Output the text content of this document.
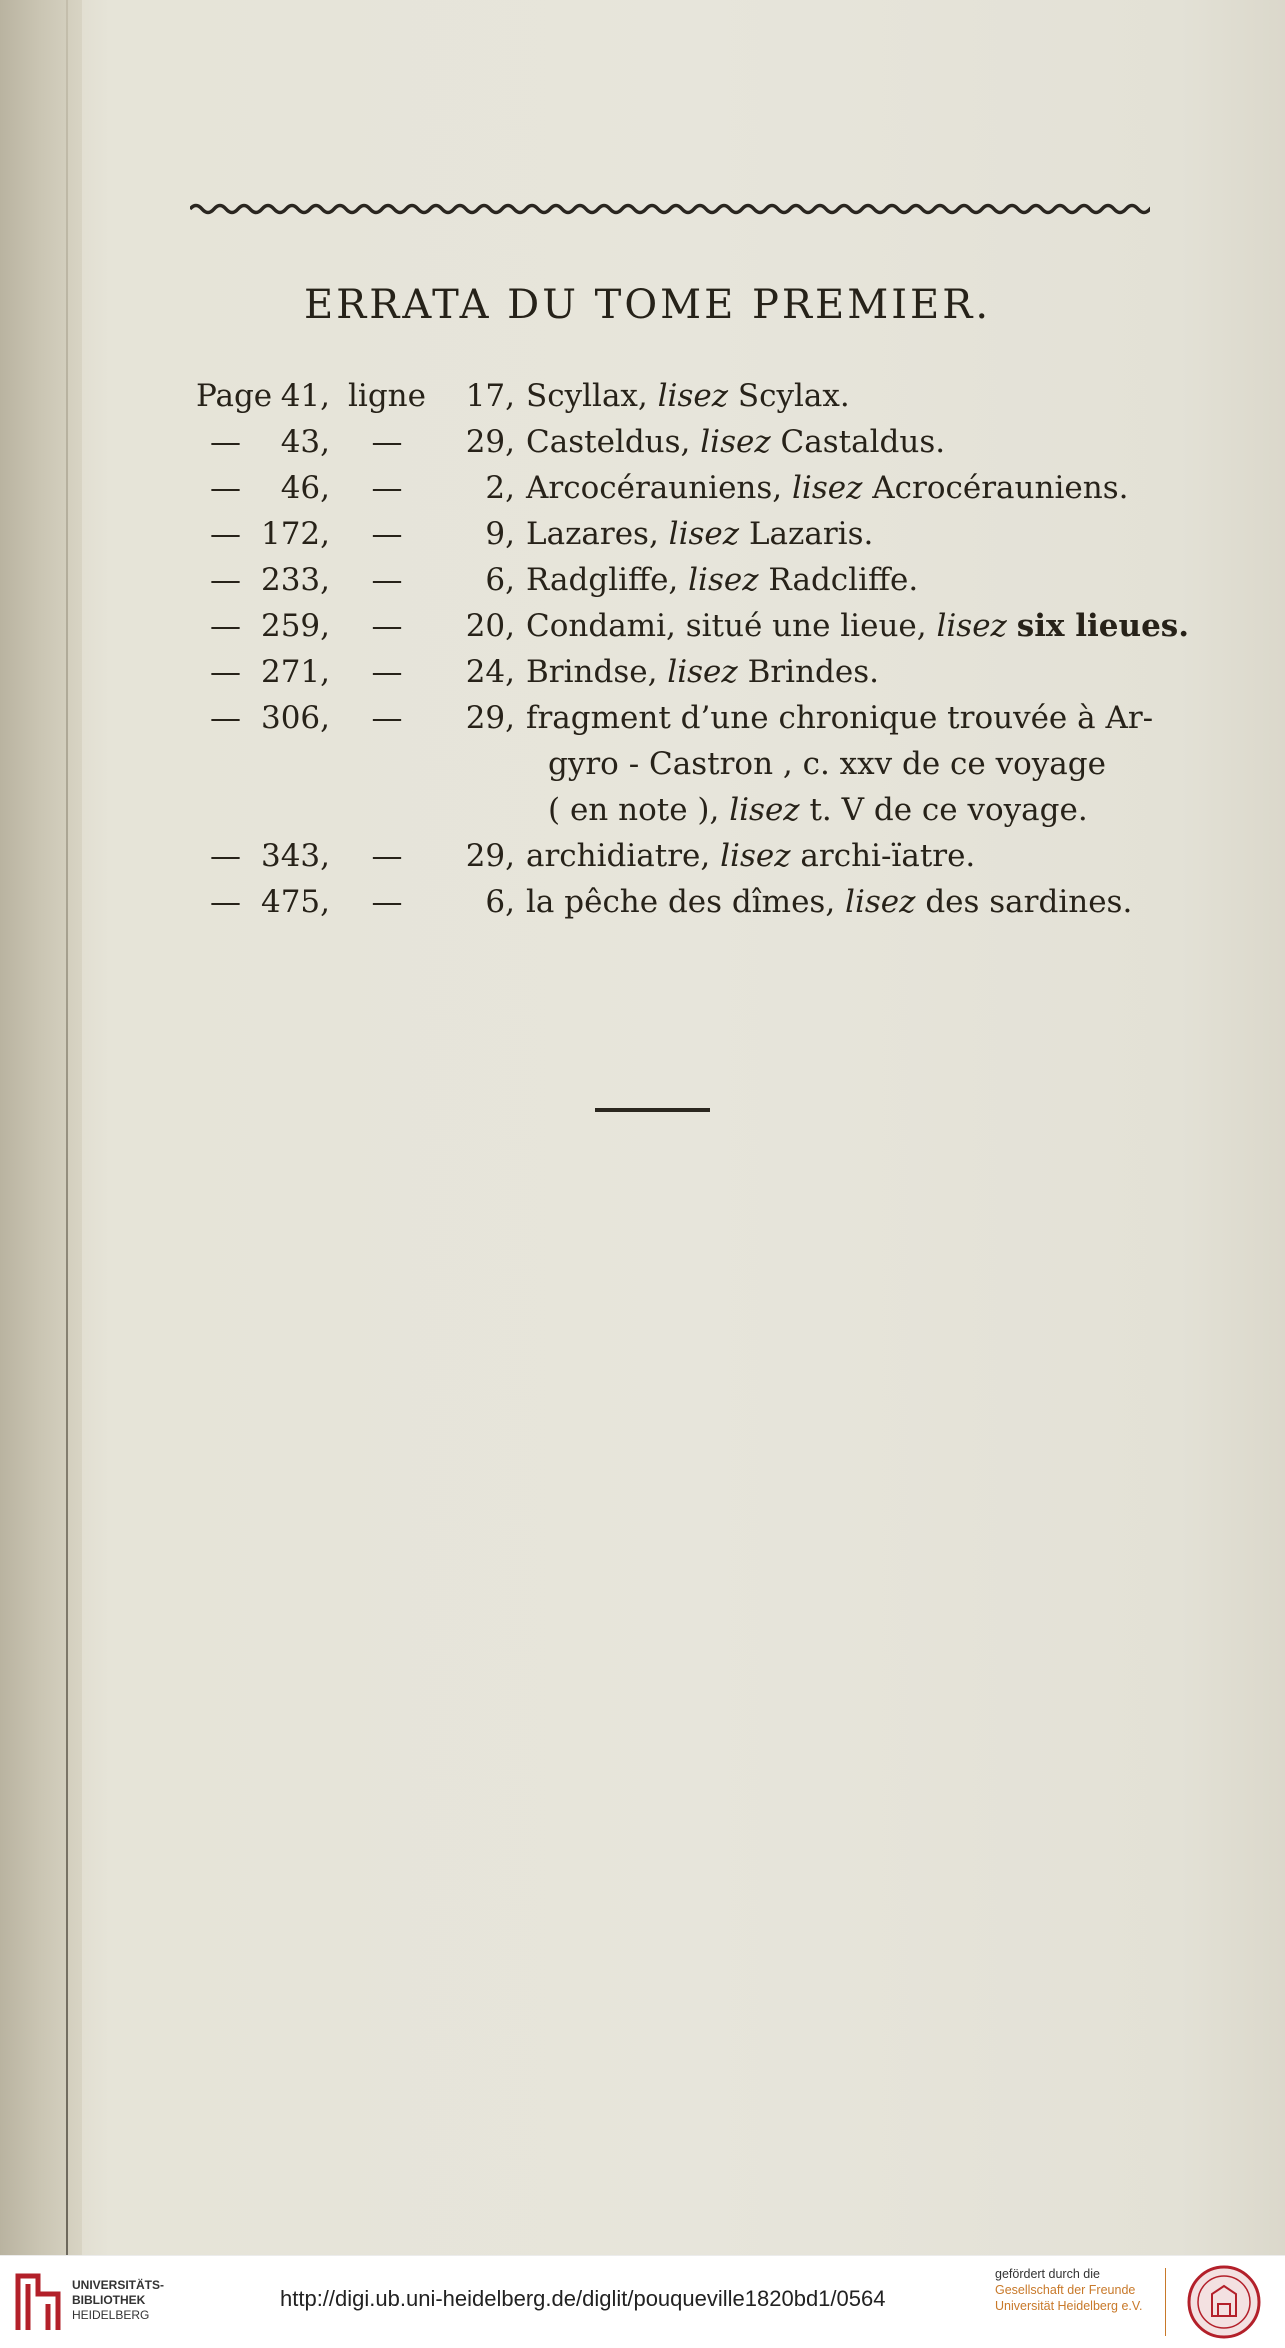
ERRATA DU TOME PREMIER.
Page 41, ligne	17, Scyllax, lisez Scylax.
—	43,	—	29, Casteldus, lisez Castaldus.
—	46,	—	2, Arcocérauniens, lisez Acrocérauniens.
— 172,	—	9, Lazares, lisez Lazaris.
— 233,	—	6, Radgliffe, lisez Radcliffe.
— 259,	—	20, Condami, situé une lieue, lisez six lieues.
— 271,	—	24, Brindse, lisez Brindes.
— 306,	—	29, fragment d’une chronique trouvée à Ar-
gyro - Castron , c. xxv de ce voyage
( en note ), lisez t. V de ce voyage.
— 343,	—	29, archidiatre, lisez archi-ïatre.
— 475,	—	6, la pêche des dîmes, lisez des sardines.
UNIVERSITÄTS-
BIBLIOTHEK
HEIDELBERG
http://digi.ub.uni-heidelberg.de/diglit/pouqueville1820bd1/0564
gefördert durch die
Gesellschaft der Freunde
Universität Heidelberg e.V.
